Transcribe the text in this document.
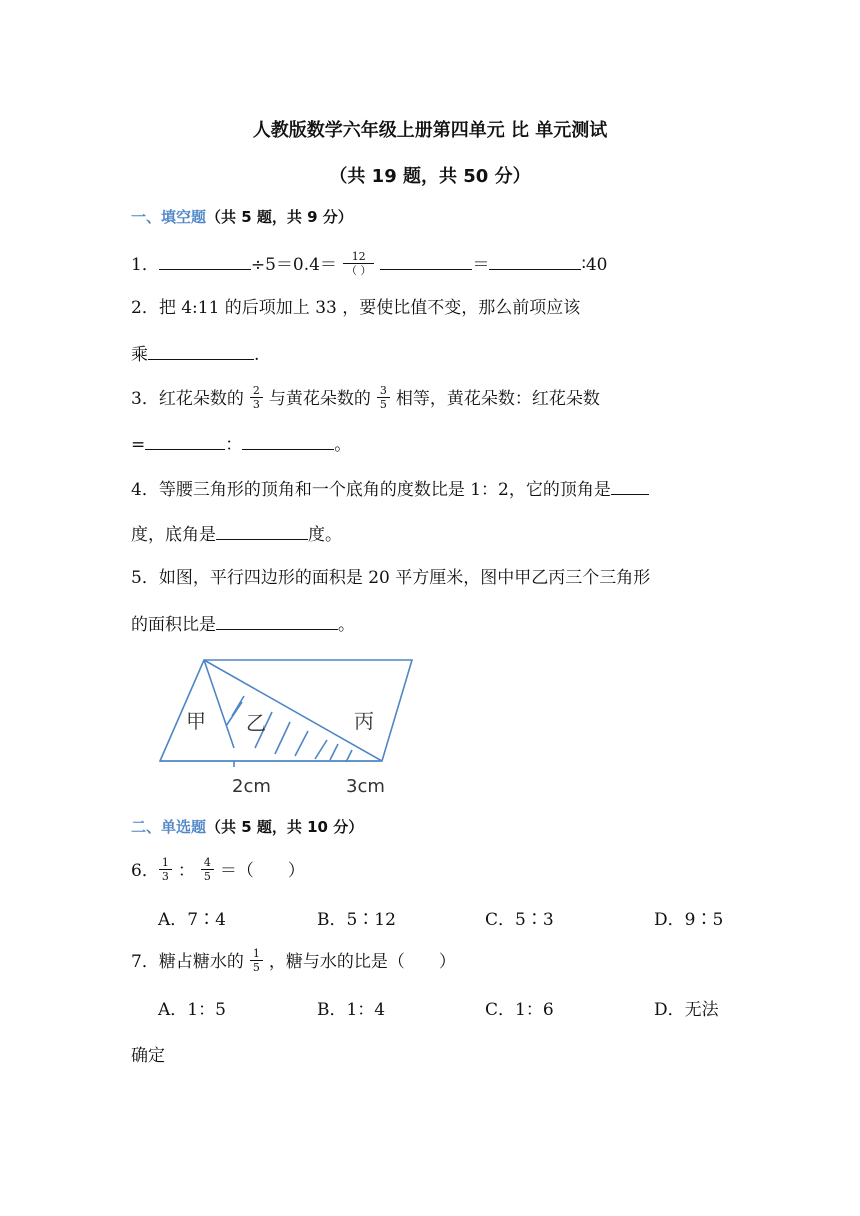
人教版数学六年级上册第四单元 比 单元测试
（共 19 题，共 50 分）
一、填空题（共 5 题，共 9 分）
1．	$\div 5=0.4= \frac{12}{( )}$	＝	∶40
2．把 4:11 的后项加上 33 ，要使比值不变，那么前项应该
乘	.
3．红花朵数的 $\frac{2}{3}$ 与黄花朵数的 $\frac{3}{5}$ 相等，黄花朵数：红花朵数
=	：	。
4．等腰三角形的顶角和一个底角的度数比是 1：2，它的顶角是
度，底角是	度。
5．如图，平行四边形的面积是 20 平方厘米，图中甲乙丙三个三角形
的面积比是	。
甲 乙	丙
2cm	3cm
二、单选题（共 5 题，共 10 分）
6． $\frac{1}{3}$ ： $\frac{4}{5}$ ＝（　　）
A．7∶4	B．5∶12	C．5∶3	D．9∶5
7．糖占糖水的 $\frac{1}{5}$ ，糖与水的比是（　　）
A．1：5	B．1：4	C．1：6	D．无法
确定
